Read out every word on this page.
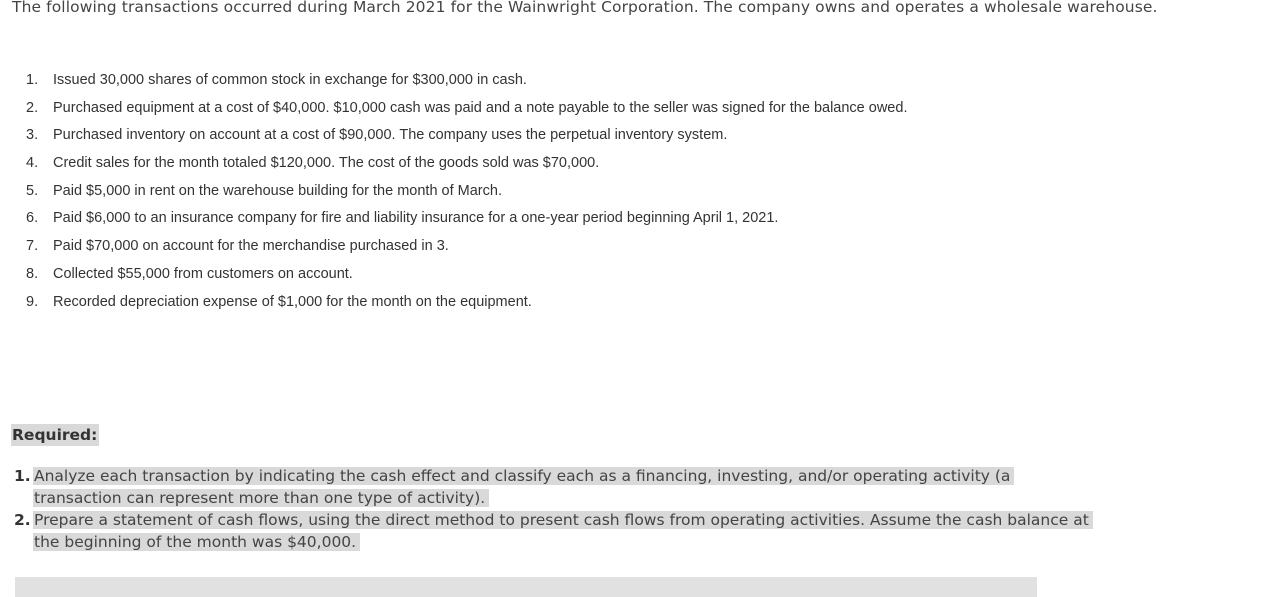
The following transactions occurred during March 2021 for the Wainwright Corporation. The company owns and operates a wholesale warehouse.
1.	Issued 30,000 shares of common stock in exchange for $300,000 in cash.
2.	Purchased equipment at a cost of $40,000. $10,000 cash was paid and a note payable to the seller was signed for the balance owed.
3.	Purchased inventory on account at a cost of $90,000. The company uses the perpetual inventory system.
4.	Credit sales for the month totaled $120,000. The cost of the goods sold was $70,000.
5.	Paid $5,000 in rent on the warehouse building for the month of March.
6.	Paid $6,000 to an insurance company for fire and liability insurance for a one-year period beginning April 1, 2021.
7.	Paid $70,000 on account for the merchandise purchased in 3.
8.	Collected $55,000 from customers on account.
9.	Recorded depreciation expense of $1,000 for the month on the equipment.
Required:
1. Analyze each transaction by indicating the cash effect and classify each as a financing, investing, and/or operating activity (a transaction can represent more than one type of activity).
2. Prepare a statement of cash flows, using the direct method to present cash flows from operating activities. Assume the cash balance at the beginning of the month was $40,000.
